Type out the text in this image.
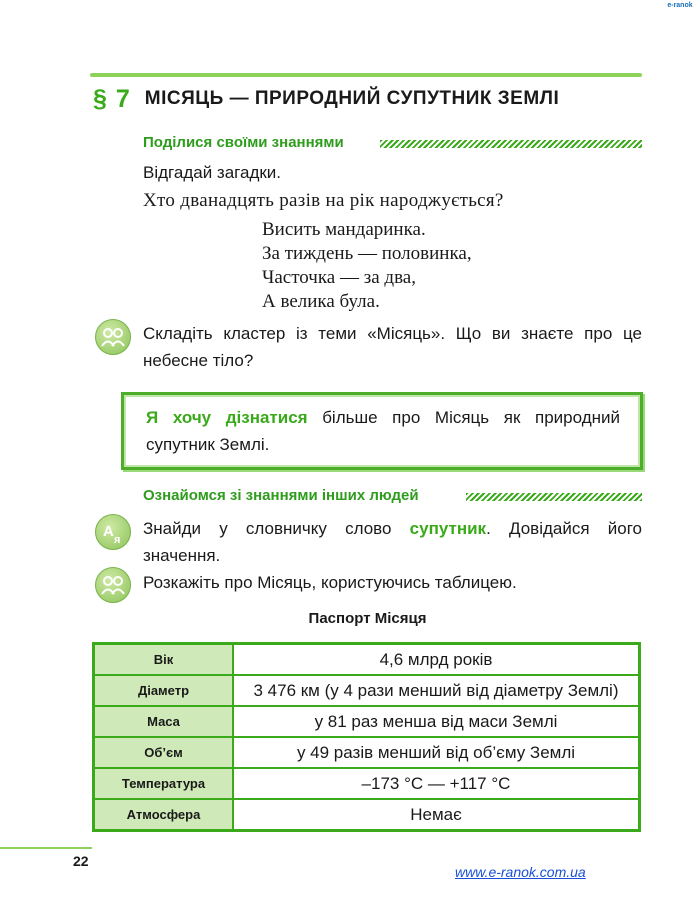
e-ranok
§ 7 МІСЯЦЬ — ПРИРОДНИЙ СУПУТНИК ЗЕМЛІ
Поділися своїми знаннями
Відгадай загадки.
Хто дванадцять разів на рік народжується?
Висить мандаринка.
За тиждень — половинка,
Часточка — за два,
А велика була.
Складіть кластер із теми «Місяць». Що ви знаєте про це небесне тіло?
Я хочу дізнатися більше про Місяць як природний супутник Землі.
Ознайомся зі знаннями інших людей
А я
Знайди у словничку слово супутник. Довідайся його значення.
Розкажіть про Місяць, користуючись таблицею.
Паспорт Місяця
Вік	4,6 млрд років
Діаметр	3 476 км (у 4 рази менший від діаметру Землі)
Маса	у 81 раз менша від маси Землі
Об’єм	у 49 разів менший від об’єму Землі
Температура	–173 °С — +117 °С
Атмосфера	Немає
22
www.e-ranok.com.ua
